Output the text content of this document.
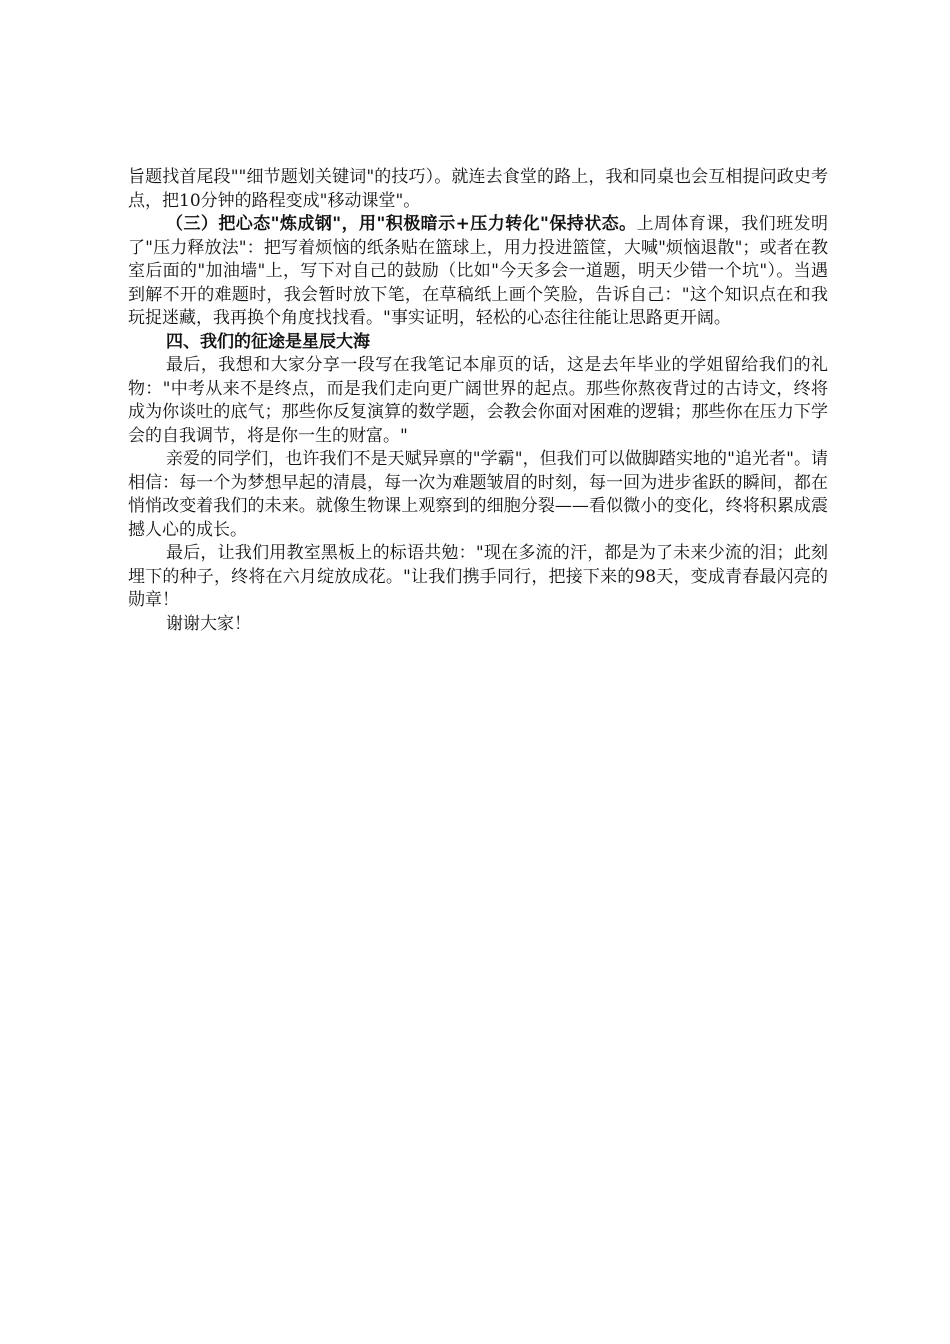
旨题找首尾段""细节题划关键词"的技巧）。就连去食堂的路上，我和同桌也会互相提问政史考点，把10分钟的路程变成"移动课堂"。

（三）把心态"炼成钢"，用"积极暗示+压力转化"保持状态。上周体育课，我们班发明了"压力释放法"：把写着烦恼的纸条贴在篮球上，用力投进篮筐，大喊"烦恼退散"；或者在教室后面的"加油墙"上，写下对自己的鼓励（比如"今天多会一道题，明天少错一个坑"）。当遇到解不开的难题时，我会暂时放下笔，在草稿纸上画个笑脸，告诉自己："这个知识点在和我玩捉迷藏，我再换个角度找找看。"事实证明，轻松的心态往往能让思路更开阔。

四、我们的征途是星辰大海

最后，我想和大家分享一段写在我笔记本扉页的话，这是去年毕业的学姐留给我们的礼物："中考从来不是终点，而是我们走向更广阔世界的起点。那些你熬夜背过的古诗文，终将成为你谈吐的底气；那些你反复演算的数学题，会教会你面对困难的逻辑；那些你在压力下学会的自我调节，将是你一生的财富。"

亲爱的同学们，也许我们不是天赋异禀的"学霸"，但我们可以做脚踏实地的"追光者"。请相信：每一个为梦想早起的清晨，每一次为难题皱眉的时刻，每一回为进步雀跃的瞬间，都在悄悄改变着我们的未来。就像生物课上观察到的细胞分裂——看似微小的变化，终将积累成震撼人心的成长。

最后，让我们用教室黑板上的标语共勉："现在多流的汗，都是为了未来少流的泪；此刻埋下的种子，终将在六月绽放成花。"让我们携手同行，把接下来的98天，变成青春最闪亮的勋章！

谢谢大家！
